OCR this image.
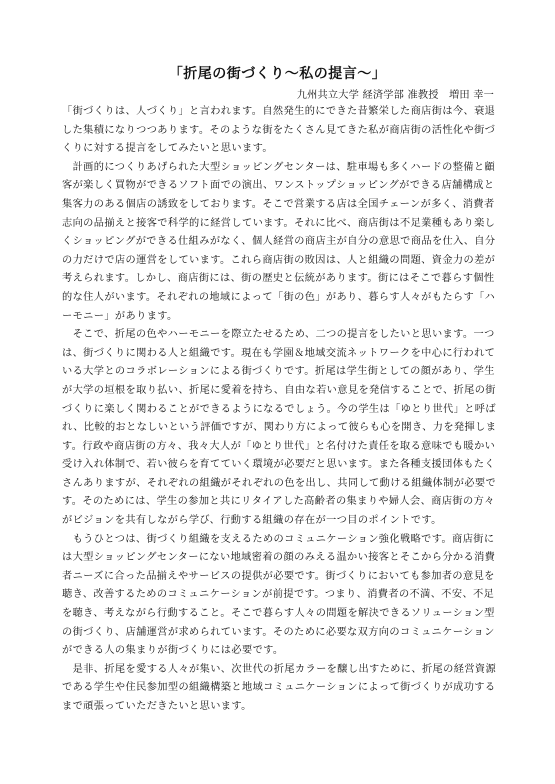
「折尾の街づくり〜私の提言〜」
九州共立大学 経済学部 准教授　増田 幸一
「街づくりは、人づくり」と言われます。自然発生的にできた昔繁栄した商店街は今、衰退
した集積になりつつあります。そのような街をたくさん見てきた私が商店街の活性化や街づ
くりに対する提言をしてみたいと思います。
　計画的につくりあげられた大型ショッピングセンターは、駐車場も多くハードの整備と顧
客が楽しく買物ができるソフト面での演出、ワンストップショッピングができる店舗構成と
集客力のある個店の誘致をしております。そこで営業する店は全国チェーンが多く、消費者
志向の品揃えと接客で科学的に経営しています。それに比べ、商店街は不足業種もあり楽し
くショッピングができる仕組みがなく、個人経営の商店主が自分の意思で商品を仕入、自分
の力だけで店の運営をしています。これら商店街の敗因は、人と組織の問題、資金力の差が
考えられます。しかし、商店街には、街の歴史と伝統があります。街にはそこで暮らす個性
的な住人がいます。それぞれの地域によって「街の色」があり、暮らす人々がもたらす「ハ
ーモニー」があります。
　そこで、折尾の色やハーモニーを際立たせるため、二つの提言をしたいと思います。一つ
は、街づくりに関わる人と組織です。現在も学園＆地域交流ネットワークを中心に行われて
いる大学とのコラボレーションによる街づくりです。折尾は学生街としての顔があり、学生
が大学の垣根を取り払い、折尾に愛着を持ち、自由な若い意見を発信することで、折尾の街
づくりに楽しく関わることができるようになるでしょう。今の学生は「ゆとり世代」と呼ば
れ、比較的おとなしいという評価ですが、関わり方によって彼らも心を開き、力を発揮しま
す。行政や商店街の方々、我々大人が「ゆとり世代」と名付けた責任を取る意味でも暖かい
受け入れ体制で、若い彼らを育てていく環境が必要だと思います。また各種支援団体もたく
さんありますが、それぞれの組織がそれぞれの色を出し、共同して動ける組織体制が必要で
す。そのためには、学生の参加と共にリタイアした高齢者の集まりや婦人会、商店街の方々
がビジョンを共有しながら学び、行動する組織の存在が一つ目のポイントです。
　もうひとつは、街づくり組織を支えるためのコミュニケーション強化戦略です。商店街に
は大型ショッピングセンターにない地域密着の顔のみえる温かい接客とそこから分かる消費
者ニーズに合った品揃えやサービスの提供が必要です。街づくりにおいても参加者の意見を
聴き、改善するためのコミュニケーションが前提です。つまり、消費者の不満、不安、不足
を聴き、考えながら行動すること。そこで暮らす人々の問題を解決できるソリューション型
の街づくり、店舗運営が求められています。そのために必要な双方向のコミュニケーション
ができる人の集まりが街づくりには必要です。
　是非、折尾を愛する人々が集い、次世代の折尾カラーを醸し出すために、折尾の経営資源
である学生や住民参加型の組織構築と地域コミュニケーションによって街づくりが成功する
まで頑張っていただきたいと思います。
